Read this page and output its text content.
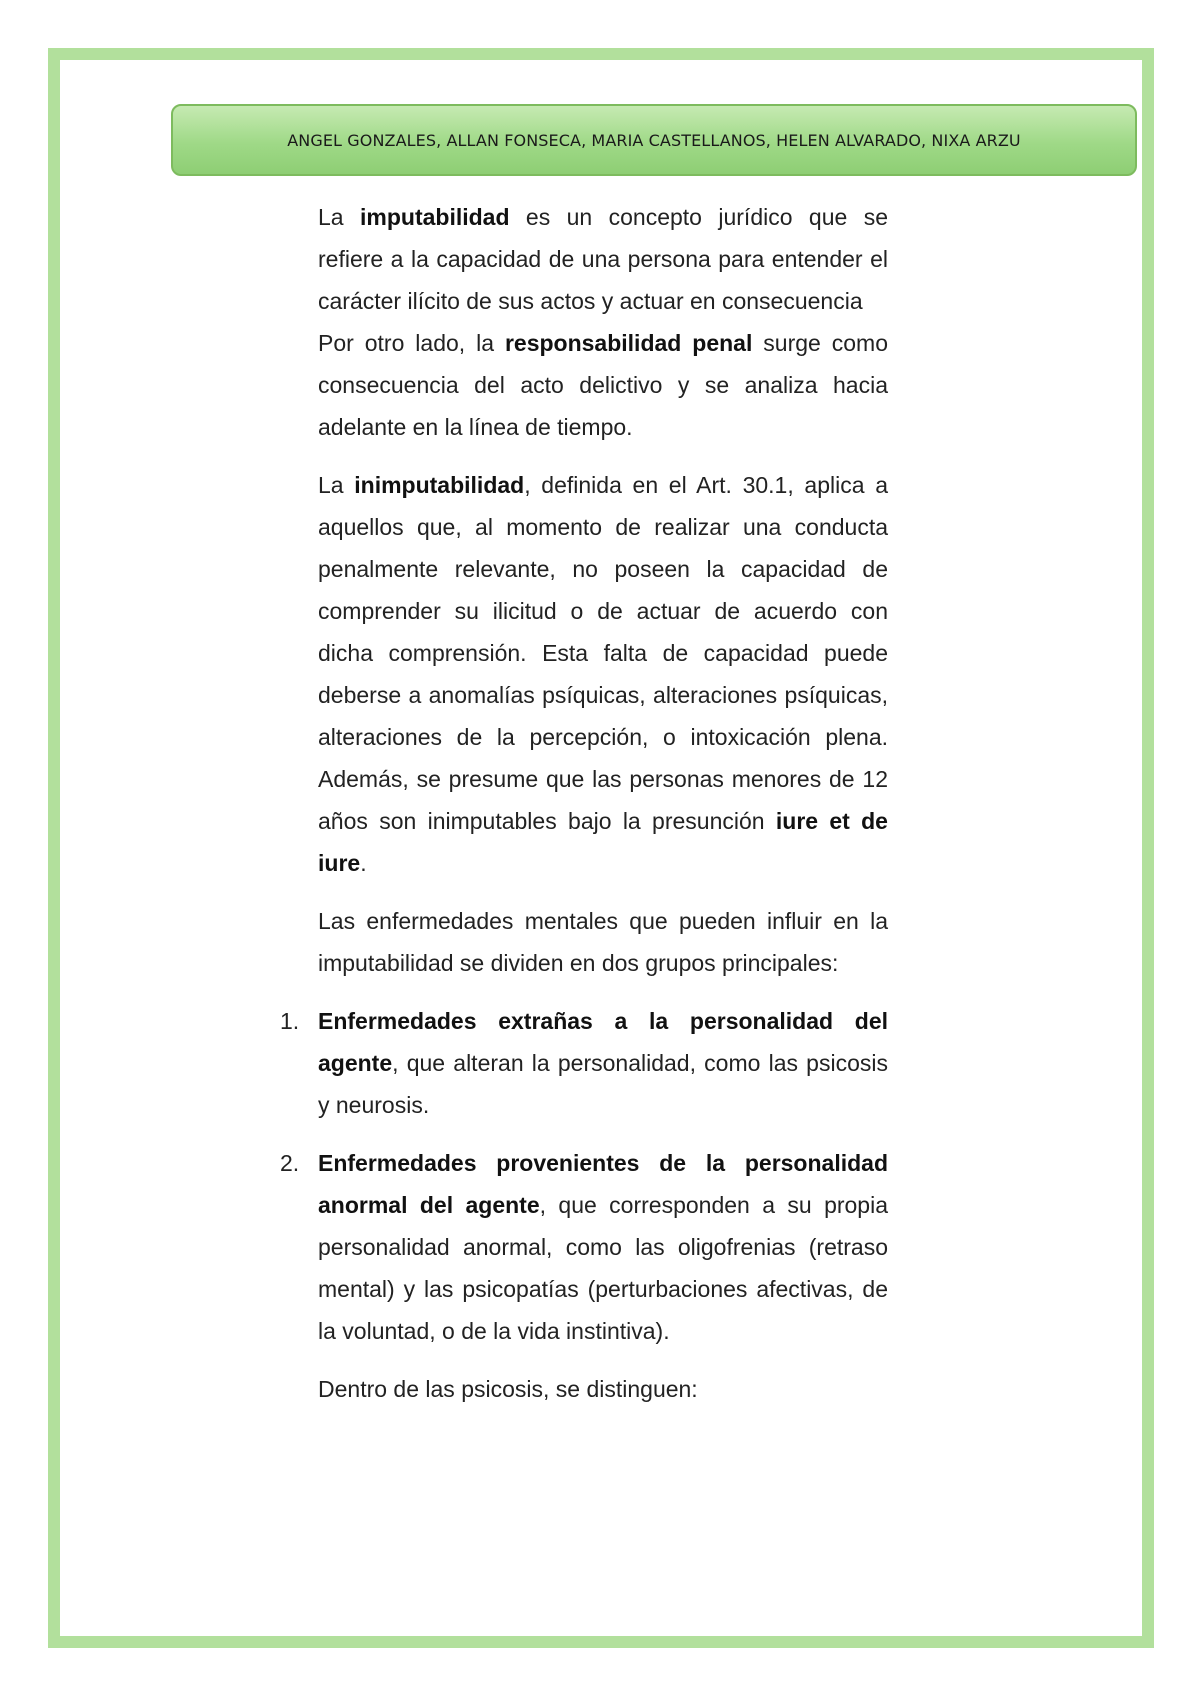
ANGEL GONZALES, ALLAN FONSECA, MARIA CASTELLANOS, HELEN ALVARADO, NIXA ARZU

La imputabilidad es un concepto jurídico que se refiere a la capacidad de una persona para entender el carácter ilícito de sus actos y actuar en consecuencia

Por otro lado, la responsabilidad penal surge como consecuencia del acto delictivo y se analiza hacia adelante en la línea de tiempo.

La inimputabilidad, definida en el Art. 30.1, aplica a aquellos que, al momento de realizar una conducta penalmente relevante, no poseen la capacidad de comprender su ilicitud o de actuar de acuerdo con dicha comprensión. Esta falta de capacidad puede deberse a anomalías psíquicas, alteraciones psíquicas, alteraciones de la percepción, o intoxicación plena. Además, se presume que las personas menores de 12 años son inimputables bajo la presunción iure et de iure.

Las enfermedades mentales que pueden influir en la imputabilidad se dividen en dos grupos principales:

1. Enfermedades extrañas a la personalidad del agente, que alteran la personalidad, como las psicosis y neurosis.
2. Enfermedades provenientes de la personalidad anormal del agente, que corresponden a su propia personalidad anormal, como las oligofrenias (retraso mental) y las psicopatías (perturbaciones afectivas, de la voluntad, o de la vida instintiva).

Dentro de las psicosis, se distinguen:
